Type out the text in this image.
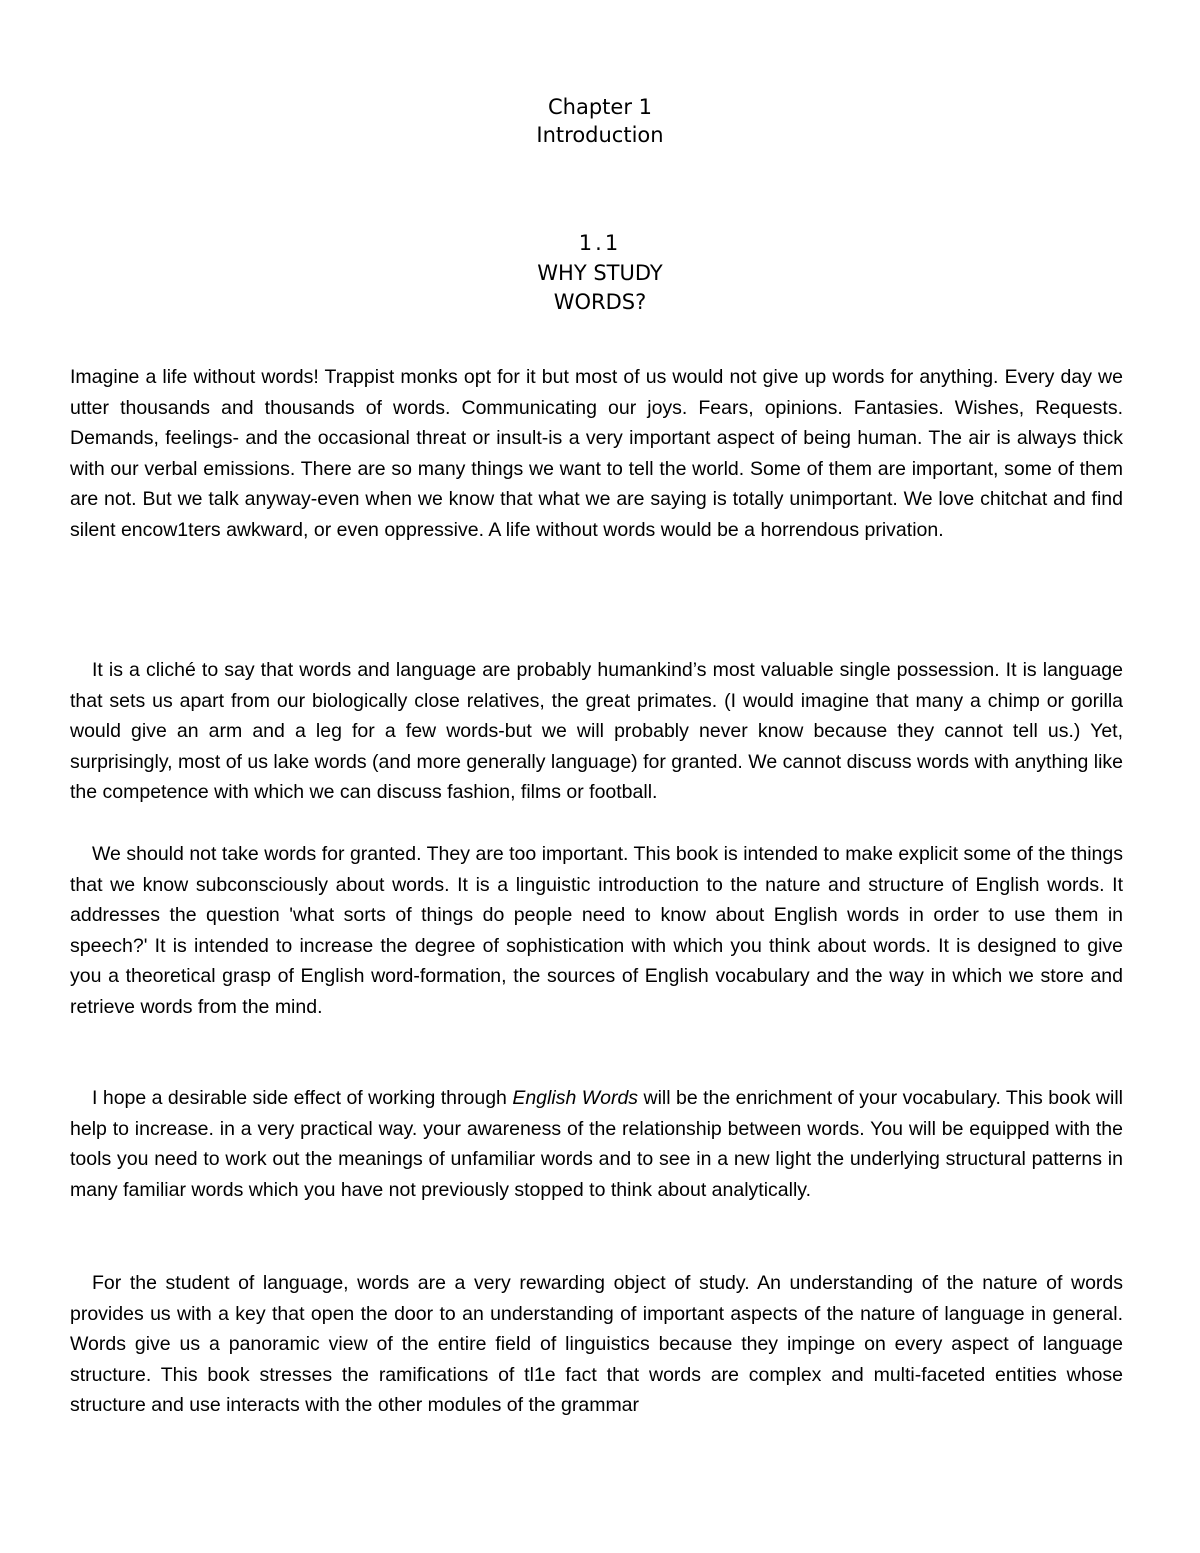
Chapter 1
Introduction
1.1
WHY STUDY
WORDS?

Imagine a life without words! Trappist monks opt for it but most of us would not give up words for anything. Every day we utter thousands and thousands of words. Communicating our joys. Fears, opinions. Fantasies. Wishes, Requests. Demands, feelings- and the occasional threat or insult-is a very important aspect of being human. The air is always thick with our verbal emissions. There are so many things we want to tell the world. Some of them are important, some of them are not. But we talk anyway-even when we know that what we are saying is totally unimportant. We love chitchat and find silent encow1ters awkward, or even oppressive. A life without words would be a horrendous privation.

It is a cliché to say that words and language are probably humankind’s most valuable single possession. It is language that sets us apart from our biologically close relatives, the great primates. (I would imagine that many a chimp or gorilla would give an arm and a leg for a few words-but we will probably never know because they cannot tell us.) Yet, surprisingly, most of us lake words (and more generally language) for granted. We cannot discuss words with anything like the competence with which we can discuss fashion, films or football.

We should not take words for granted. They are too important. This book is intended to make explicit some of the things that we know subconsciously about words. It is a linguistic introduction to the nature and structure of English words. It addresses the question 'what sorts of things do people need to know about English words in order to use them in speech?' It is intended to increase the degree of sophistication with which you think about words. It is designed to give you a theoretical grasp of English word-formation, the sources of English vocabulary and the way in which we store and retrieve words from the mind.

I hope a desirable side effect of working through English Words will be the enrichment of your vocabulary. This book will help to increase. in a very practical way. your awareness of the relationship between words. You will be equipped with the tools you need to work out the meanings of unfamiliar words and to see in a new light the underlying structural patterns in many familiar words which you have not previously stopped to think about analytically.

For the student of language, words are a very rewarding object of study. An understanding of the nature of words provides us with a key that open the door to an understanding of important aspects of the nature of language in general. Words give us a panoramic view of the entire field of linguistics because they impinge on every aspect of language structure. This book stresses the ramifications of tl1e fact that words are complex and multi-faceted entities whose structure and use interacts with the other modules of the grammar
